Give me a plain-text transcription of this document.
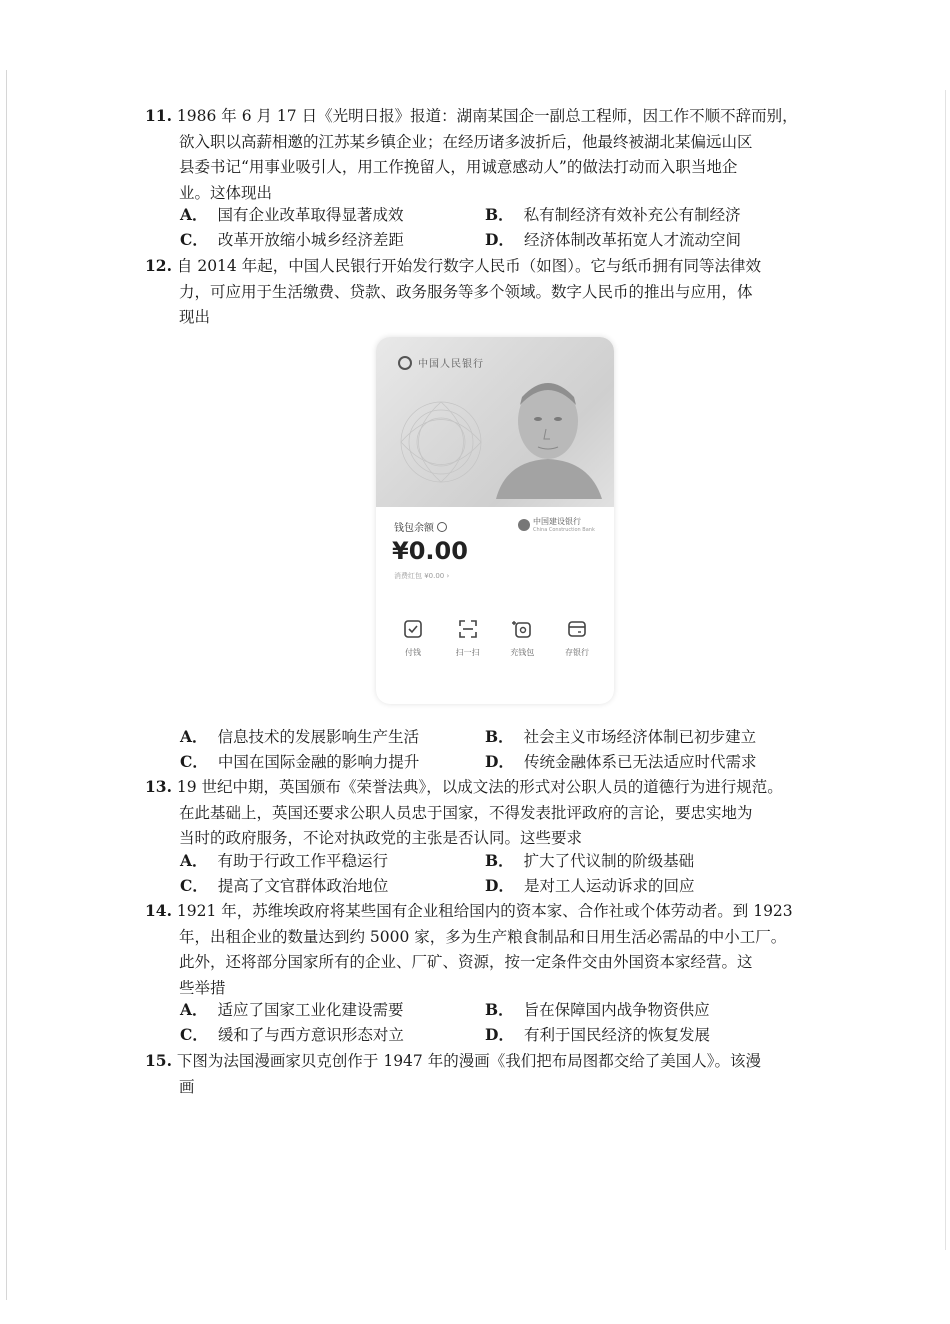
11. 1986 年 6 月 17 日《光明日报》报道：湖南某国企一副总工程师，因工作不顺不辞而别，
欲入职以高薪相邀的江苏某乡镇企业；在经历诸多波折后，他最终被湖北某偏远山区
县委书记“用事业吸引人，用工作挽留人，用诚意感动人”的做法打动而入职当地企
业。这体现出
A． 国有企业改革取得显著成效	B． 私有制经济有效补充公有制经济
C． 改革开放缩小城乡经济差距	D． 经济体制改革拓宽人才流动空间
12. 自 2014 年起，中国人民银行开始发行数字人民币（如图）。它与纸币拥有同等法律效
力，可应用于生活缴费、贷款、政务服务等多个领域。数字人民币的推出与应用，体
现出
中国人民银行
钱包余额
中国建设银行
China Construction Bank
¥0.00
消费红包 ¥0.00 ›
付钱	扫一扫	充钱包	存银行
A． 信息技术的发展影响生产生活	B． 社会主义市场经济体制已初步建立
C． 中国在国际金融的影响力提升	D． 传统金融体系已无法适应时代需求
13. 19 世纪中期，英国颁布《荣誉法典》，以成文法的形式对公职人员的道德行为进行规范。
在此基础上，英国还要求公职人员忠于国家，不得发表批评政府的言论，要忠实地为
当时的政府服务，不论对执政党的主张是否认同。这些要求
A． 有助于行政工作平稳运行	B． 扩大了代议制的阶级基础
C． 提高了文官群体政治地位	D． 是对工人运动诉求的回应
14. 1921 年，苏维埃政府将某些国有企业租给国内的资本家、合作社或个体劳动者。到 1923
年，出租企业的数量达到约 5000 家，多为生产粮食制品和日用生活必需品的中小工厂。
此外，还将部分国家所有的企业、厂矿、资源，按一定条件交由外国资本家经营。这
些举措
A． 适应了国家工业化建设需要	B． 旨在保障国内战争物资供应
C． 缓和了与西方意识形态对立	D． 有利于国民经济的恢复发展
15. 下图为法国漫画家贝克创作于 1947 年的漫画《我们把布局图都交给了美国人》。该漫
画
